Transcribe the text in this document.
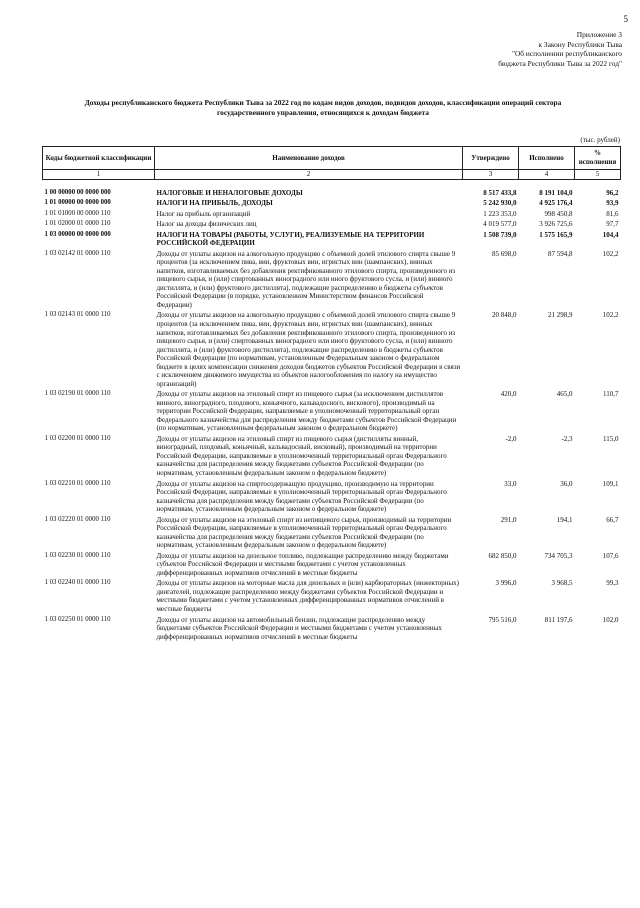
5
Приложение 3
к Закону Республики Тыва
"Об исполнении республиканского
бюджета Республики Тыва за 2022 год"
Доходы республиканского бюджета Республики Тыва за 2022 год по кодам видов доходов, подвидов доходов, классификации операций сектора
государственного управления, относящихся к доходам бюджета
(тыс. рублей)
Коды бюджетной классификации	Наименование доходов	Утверждено	Исполнено	% исполнения
1	2	3	4	5

1 00 00000 00 0000 000	НАЛОГОВЫЕ И НЕНАЛОГОВЫЕ ДОХОДЫ	8 517 433,8	8 191 104,0	96,2
1 01 00000 00 0000 000	НАЛОГИ НА ПРИБЫЛЬ, ДОХОДЫ	5 242 930,0	4 925 176,4	93,9
1 01 01000 00 0000 110	Налог на прибыль организаций	1 223 353,0	998 450,8	81,6
1 01 02000 01 0000 110	Налог на доходы физических лиц	4 019 577,0	3 926 725,6	97,7
1 03 00000 00 0000 000	НАЛОГИ НА ТОВАРЫ (РАБОТЫ, УСЛУГИ), РЕАЛИЗУЕМЫЕ НА ТЕРРИТОРИИ РОССИЙСКОЙ ФЕДЕРАЦИИ	1 508 739,0	1 575 165,9	104,4
1 03 02142 01 0000 110	Доходы от уплаты акцизов на алкогольную продукцию с объемной долей этилового спирта свыше 9 процентов (за исключением пива, вин, фруктовых вин, игристых вин (шампанских), винных напитков, изготавливаемых без добавления ректификованного этилового спирта, произведенного из пищевого сырья, и (или) спиртованных виноградного или иного фруктового сусла, и (или) винного дистиллята, и (или) фруктового дистиллята), подлежащие распределению в бюджеты субъектов Российской Федерации (в порядке, установленном Министерством финансов Российской Федерации)	85 698,0	87 594,8	102,2
1 03 02143 01 0000 110	Доходы от уплаты акцизов на алкогольную продукцию с объемной долей этилового спирта свыше 9 процентов (за исключением пива, вин, фруктовых вин, игристых вин (шампанских), винных напитков, изготавливаемых без добавления ректификованного этилового спирта, произведенного из пищевого сырья, и (или) спиртованных виноградного или иного фруктового сусла, и (или) винного дистиллята, и (или) фруктового дистиллята), подлежащие распределению в бюджеты субъектов Российской Федерации (по нормативам, установленным Федеральным законом о федеральном бюджете в целях компенсации снижения доходов бюджетов субъектов Российской Федерации в связи с исключением движимого имущества из объектов налогообложения по налогу на имущество организаций)	20 848,0	21 298,9	102,2
1 03 02190 01 0000 110	Доходы от уплаты акцизов на этиловый спирт из пищевого сырья (за исключением дистиллятов винного, виноградного, плодового, коньячного, кальвадосного, вискового), производимый на территории Российской Федерации, направляемые в уполномоченный территориальный орган Федерального казначейства для распределения между бюджетами субъектов Российской Федерации (по нормативам, установленным федеральным законом о федеральном бюджете)	420,0	465,0	110,7
1 03 02200 01 0000 110	Доходы от уплаты акцизов на этиловый спирт из пищевого сырья (дистилляты винный, виноградный, плодовый, коньячный, кальвадосный, висковый), производимый на территории Российской Федерации, направляемые в уполномоченный территориальный орган Федерального казначейства для распределения между бюджетами субъектов Российской Федерации (по нормативам, установленным федеральным законом о федеральном бюджете)	-2,0	-2,3	115,0
1 03 02210 01 0000 110	Доходы от уплаты акцизов на спиртосодержащую продукцию, производимую на территории Российской Федерации, направляемые в уполномоченный территориальный орган Федерального казначейства для распределения между бюджетами субъектов Российской Федерации (по нормативам, установленным федеральным законом о федеральном бюджете)	33,0	36,0	109,1
1 03 02220 01 0000 110	Доходы от уплаты акцизов на этиловый спирт из непищевого сырья, производимый на территории Российской Федерации, направляемые в уполномоченный территориальный орган Федерального казначейства для распределения между бюджетами субъектов Российской Федерации (по нормативам, установленным федеральным законом о федеральном бюджете)	291,0	194,1	66,7
1 03 02230 01 0000 110	Доходы от уплаты акцизов на дизельное топливо, подлежащие распределению между бюджетами субъектов Российской Федерации и местными бюджетами с учетом установленных дифференцированных нормативов отчислений в местные бюджеты	682 850,0	734 705,3	107,6
1 03 02240 01 0000 110	Доходы от уплаты акцизов на моторные масла для дизельных и (или) карбюраторных (инжекторных) двигателей, подлежащие распределению между бюджетами субъектов Российской Федерации и местными бюджетами с учетом установленных дифференцированных нормативов отчислений в местные бюджеты	3 996,0	3 968,5	99,3
1 03 02250 01 0000 110	Доходы от уплаты акцизов на автомобильный бензин, подлежащие распределению между бюджетами субъектов Российской Федерации и местными бюджетами с учетом установленных дифференцированных нормативов отчислений в местные бюджеты	795 516,0	811 197,6	102,0
